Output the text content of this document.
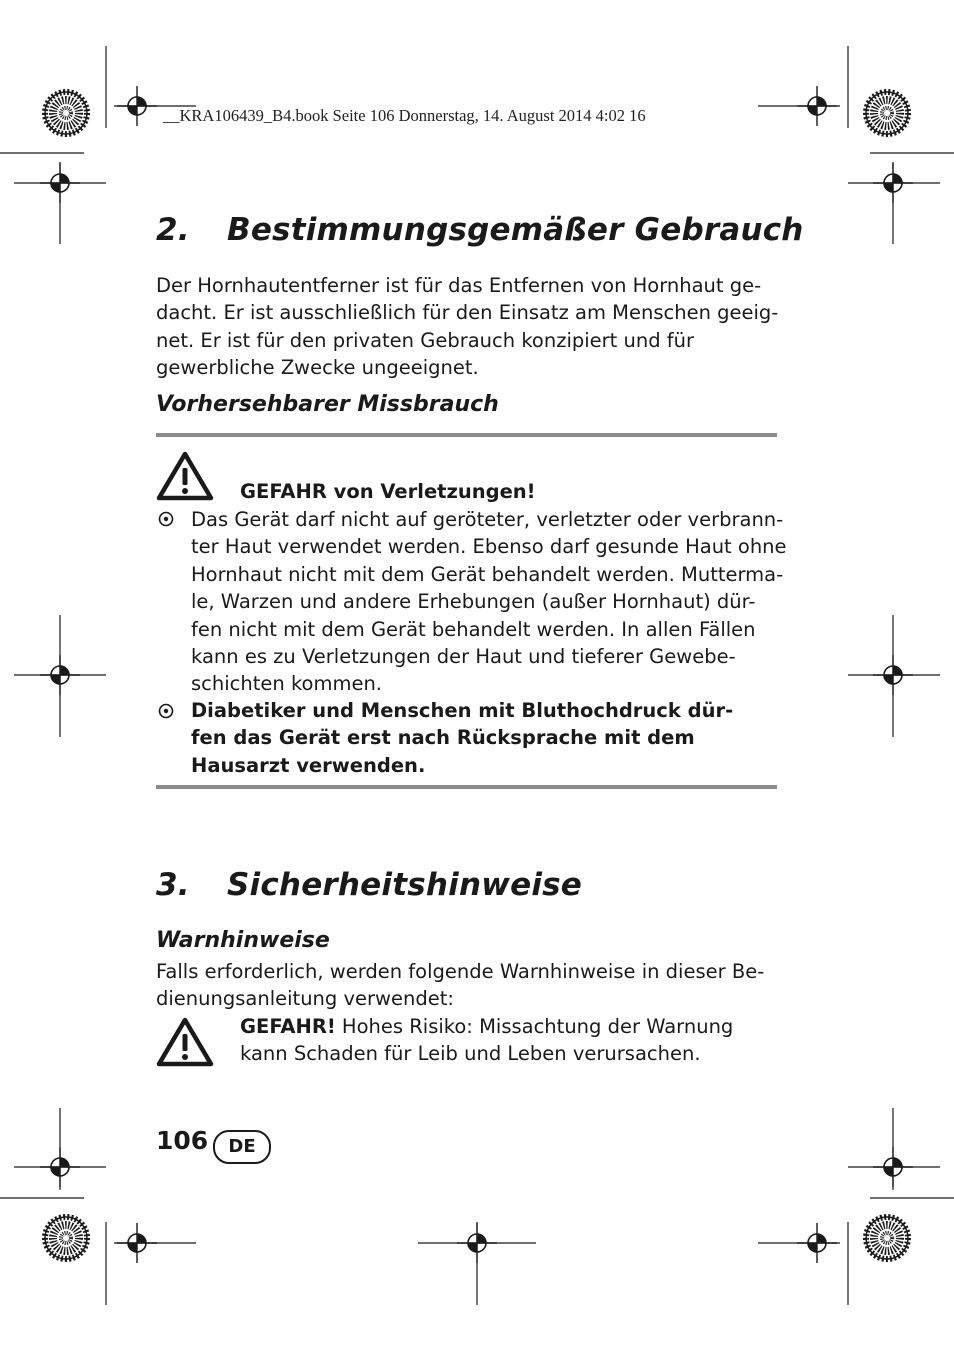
__KRA106439_B4.book Seite 106 Donnerstag, 14. August 2014 4:02 16
2. Bestimmungsgemäßer Gebrauch
Der Hornhautentferner ist für das Entfernen von Hornhaut ge-
dacht. Er ist ausschließlich für den Einsatz am Menschen geeig-
net. Er ist für den privaten Gebrauch konzipiert und für
gewerbliche Zwecke ungeeignet.
Vorhersehbarer Missbrauch
GEFAHR von Verletzungen!
Das Gerät darf nicht auf geröteter, verletzter oder verbrann-
ter Haut verwendet werden. Ebenso darf gesunde Haut ohne
Hornhaut nicht mit dem Gerät behandelt werden. Mutterma-
le, Warzen und andere Erhebungen (außer Hornhaut) dür-
fen nicht mit dem Gerät behandelt werden. In allen Fällen
kann es zu Verletzungen der Haut und tieferer Gewebe-
schichten kommen.
Diabetiker und Menschen mit Bluthochdruck dür-
fen das Gerät erst nach Rücksprache mit dem
Hausarzt verwenden.
3. Sicherheitshinweise
Warnhinweise
Falls erforderlich, werden folgende Warnhinweise in dieser Be-
dienungsanleitung verwendet:
GEFAHR! Hohes Risiko: Missachtung der Warnung
kann Schaden für Leib und Leben verursachen.
106	DE
